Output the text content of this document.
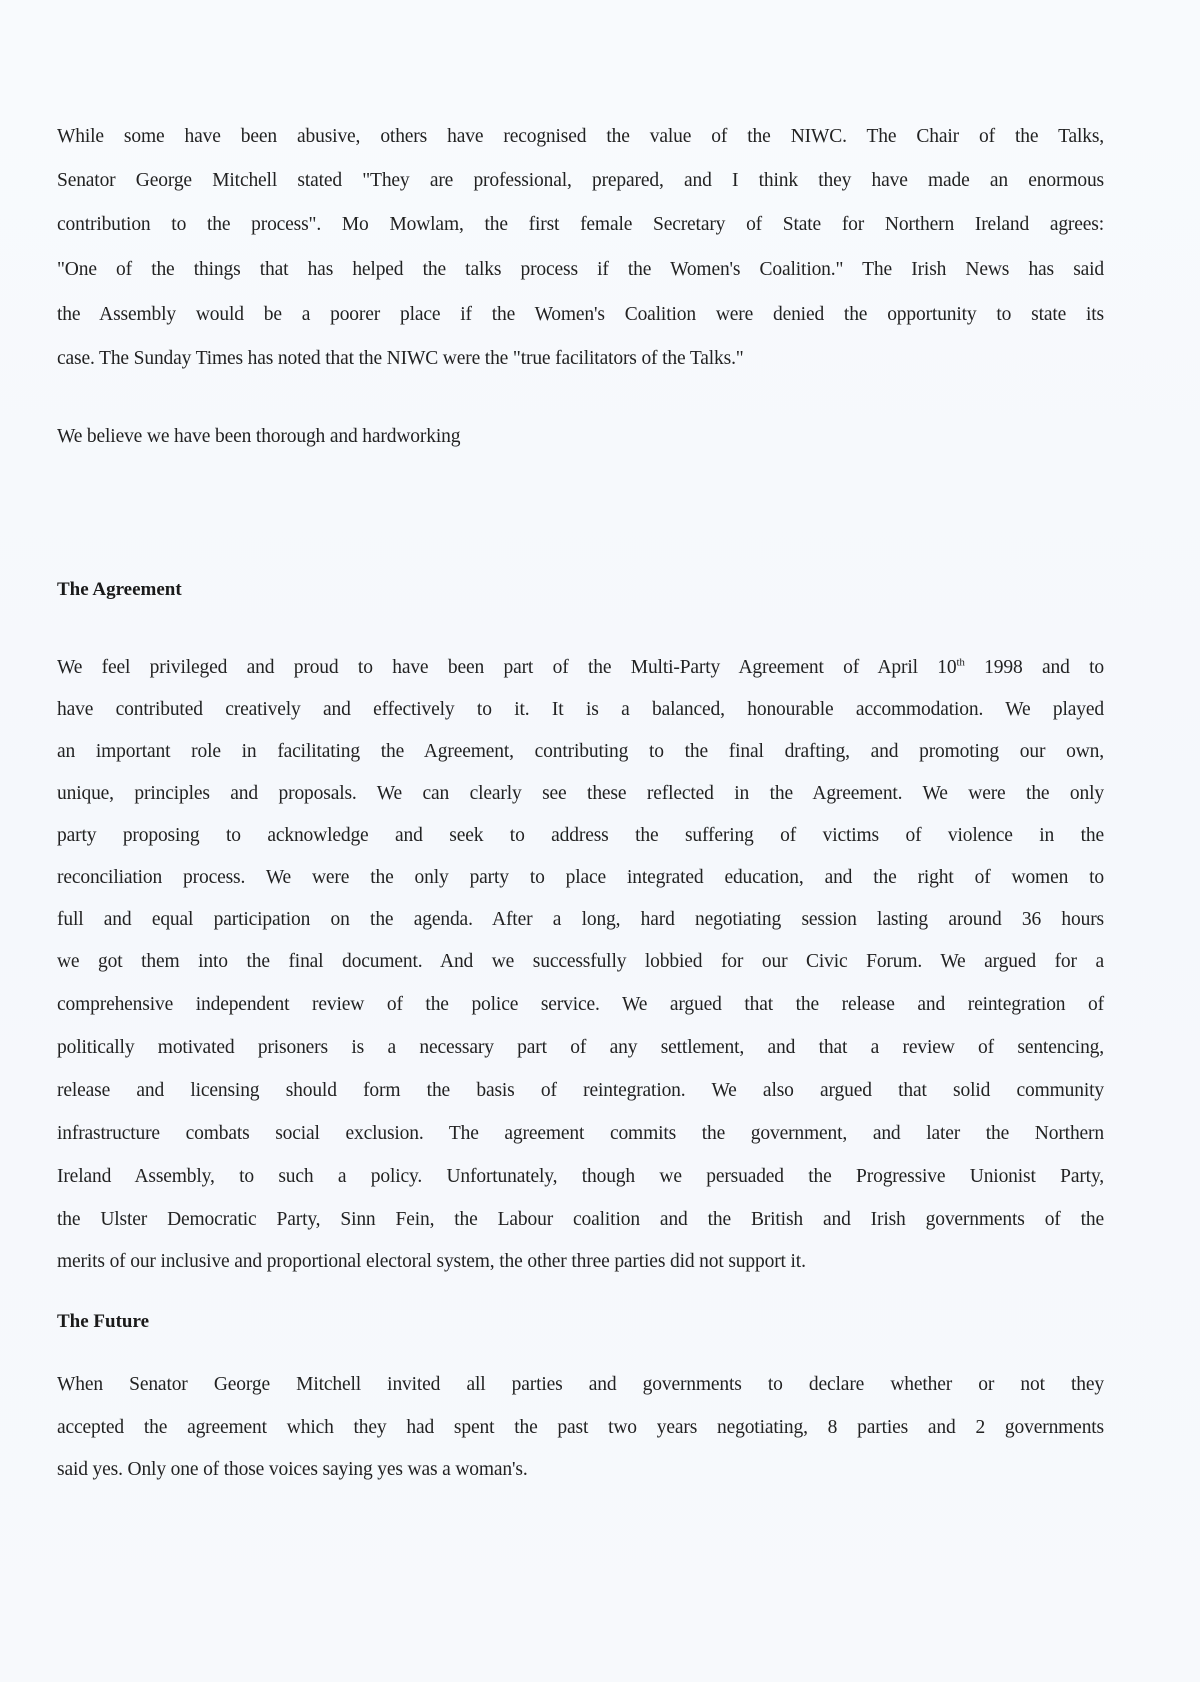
While some have been abusive, others have recognised the value of the NIWC. The Chair of the Talks,
Senator George Mitchell stated "They are professional, prepared, and I think they have made an enormous
contribution to the process". Mo Mowlam, the first female Secretary of State for Northern Ireland agrees:
"One of the things that has helped the talks process if the Women's Coalition." The Irish News has said
the Assembly would be a poorer place if the Women's Coalition were denied the opportunity to state its
case. The Sunday Times has noted that the NIWC were the "true facilitators of the Talks."
We believe we have been thorough and hardworking
The Agreement
We feel privileged and proud to have been part of the Multi-Party Agreement of April 10th 1998 and to
have contributed creatively and effectively to it. It is a balanced, honourable accommodation. We played
an important role in facilitating the Agreement, contributing to the final drafting, and promoting our own,
unique, principles and proposals. We can clearly see these reflected in the Agreement. We were the only
party proposing to acknowledge and seek to address the suffering of victims of violence in the
reconciliation process. We were the only party to place integrated education, and the right of women to
full and equal participation on the agenda. After a long, hard negotiating session lasting around 36 hours
we got them into the final document. And we successfully lobbied for our Civic Forum. We argued for a
comprehensive independent review of the police service. We argued that the release and reintegration of
politically motivated prisoners is a necessary part of any settlement, and that a review of sentencing,
release and licensing should form the basis of reintegration. We also argued that solid community
infrastructure combats social exclusion. The agreement commits the government, and later the Northern
Ireland Assembly, to such a policy. Unfortunately, though we persuaded the Progressive Unionist Party,
the Ulster Democratic Party, Sinn Fein, the Labour coalition and the British and Irish governments of the
merits of our inclusive and proportional electoral system, the other three parties did not support it.
The Future
When Senator George Mitchell invited all parties and governments to declare whether or not they
accepted the agreement which they had spent the past two years negotiating, 8 parties and 2 governments
said yes. Only one of those voices saying yes was a woman's.
